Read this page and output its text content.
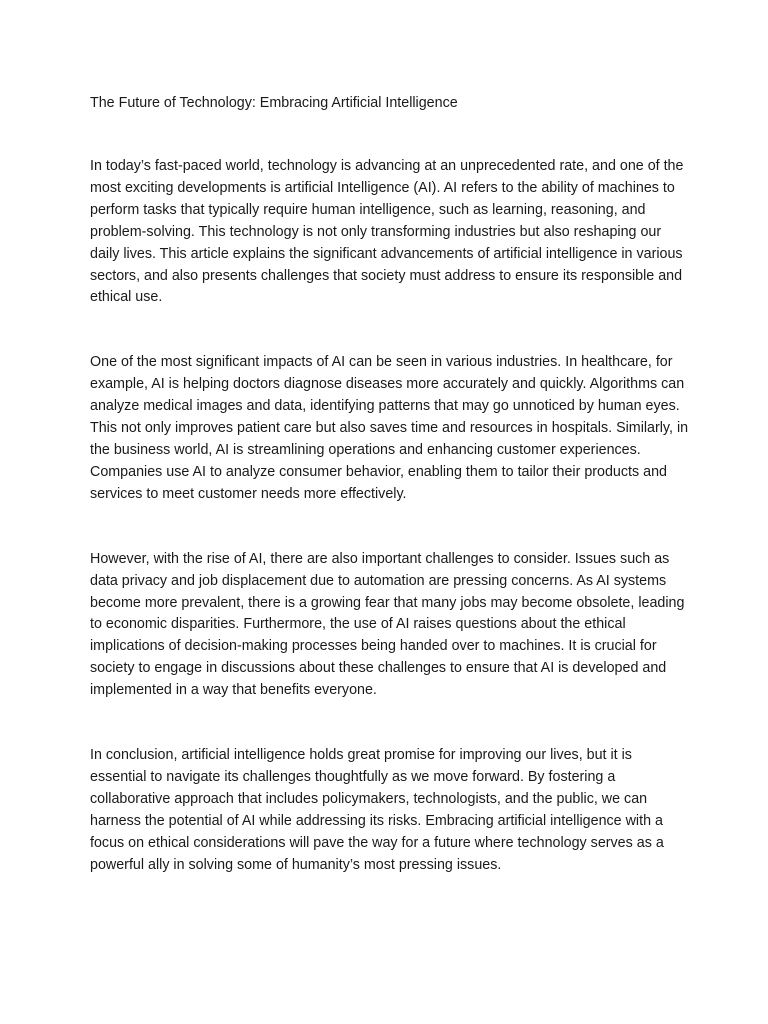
The Future of Technology: Embracing Artificial Intelligence

In today’s fast-paced world, technology is advancing at an unprecedented rate, and one of the most exciting developments is artificial Intelligence (AI). AI refers to the ability of machines to perform tasks that typically require human intelligence, such as learning, reasoning, and problem-solving. This technology is not only transforming industries but also reshaping our daily lives. This article explains the significant advancements of artificial intelligence in various sectors, and also presents challenges that society must address to ensure its responsible and ethical use.

One of the most significant impacts of AI can be seen in various industries. In healthcare, for example, AI is helping doctors diagnose diseases more accurately and quickly. Algorithms can analyze medical images and data, identifying patterns that may go unnoticed by human eyes. This not only improves patient care but also saves time and resources in hospitals. Similarly, in the business world, AI is streamlining operations and enhancing customer experiences. Companies use AI to analyze consumer behavior, enabling them to tailor their products and services to meet customer needs more effectively.

However, with the rise of AI, there are also important challenges to consider. Issues such as data privacy and job displacement due to automation are pressing concerns. As AI systems become more prevalent, there is a growing fear that many jobs may become obsolete, leading to economic disparities. Furthermore, the use of AI raises questions about the ethical implications of decision-making processes being handed over to machines. It is crucial for society to engage in discussions about these challenges to ensure that AI is developed and implemented in a way that benefits everyone.

In conclusion, artificial intelligence holds great promise for improving our lives, but it is essential to navigate its challenges thoughtfully as we move forward. By fostering a collaborative approach that includes policymakers, technologists, and the public, we can harness the potential of AI while addressing its risks. Embracing artificial intelligence with a focus on ethical considerations will pave the way for a future where technology serves as a powerful ally in solving some of humanity’s most pressing issues.
